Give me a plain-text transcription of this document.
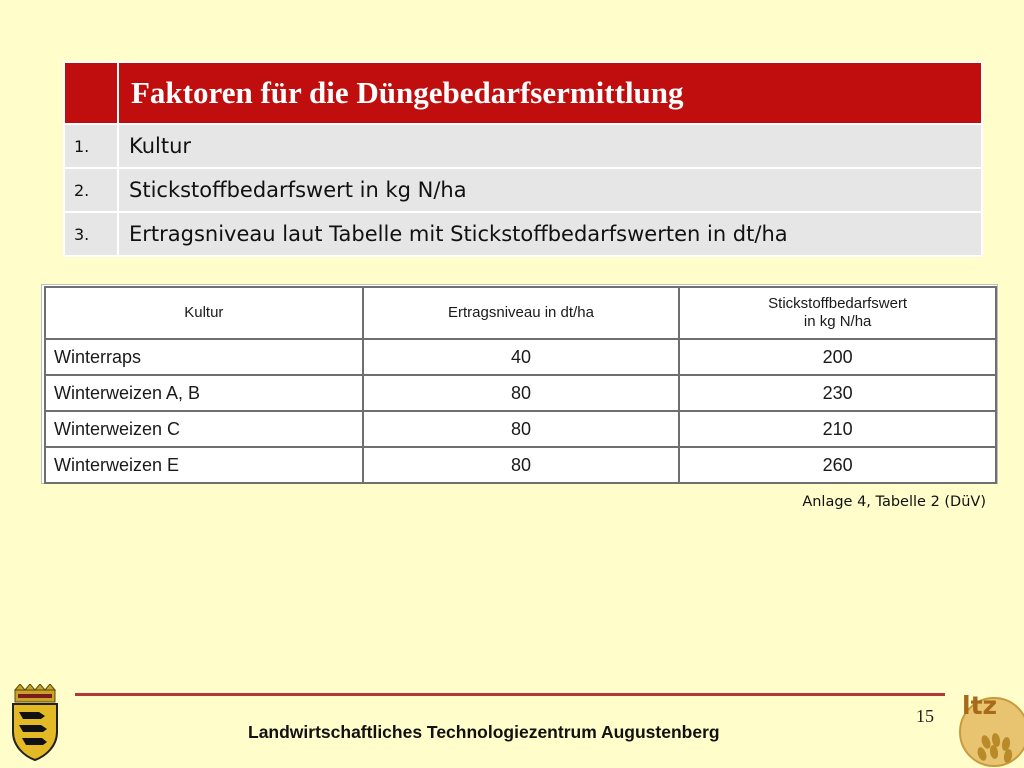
	Faktoren für die Düngebedarfsermittlung
1.	Kultur
2.	Stickstoffbedarfswert in kg N/ha
3.	Ertragsniveau laut Tabelle mit Stickstoffbedarfswerten in dt/ha
Kultur	Ertragsniveau in dt/ha	Stickstoffbedarfswert
in kg N/ha
Winterraps	40	200
Winterweizen A, B	80	230
Winterweizen C	80	210
Winterweizen E	80	260
Anlage 4, Tabelle 2 (DüV)
15
Landwirtschaftliches Technologiezentrum Augustenberg
ltz
